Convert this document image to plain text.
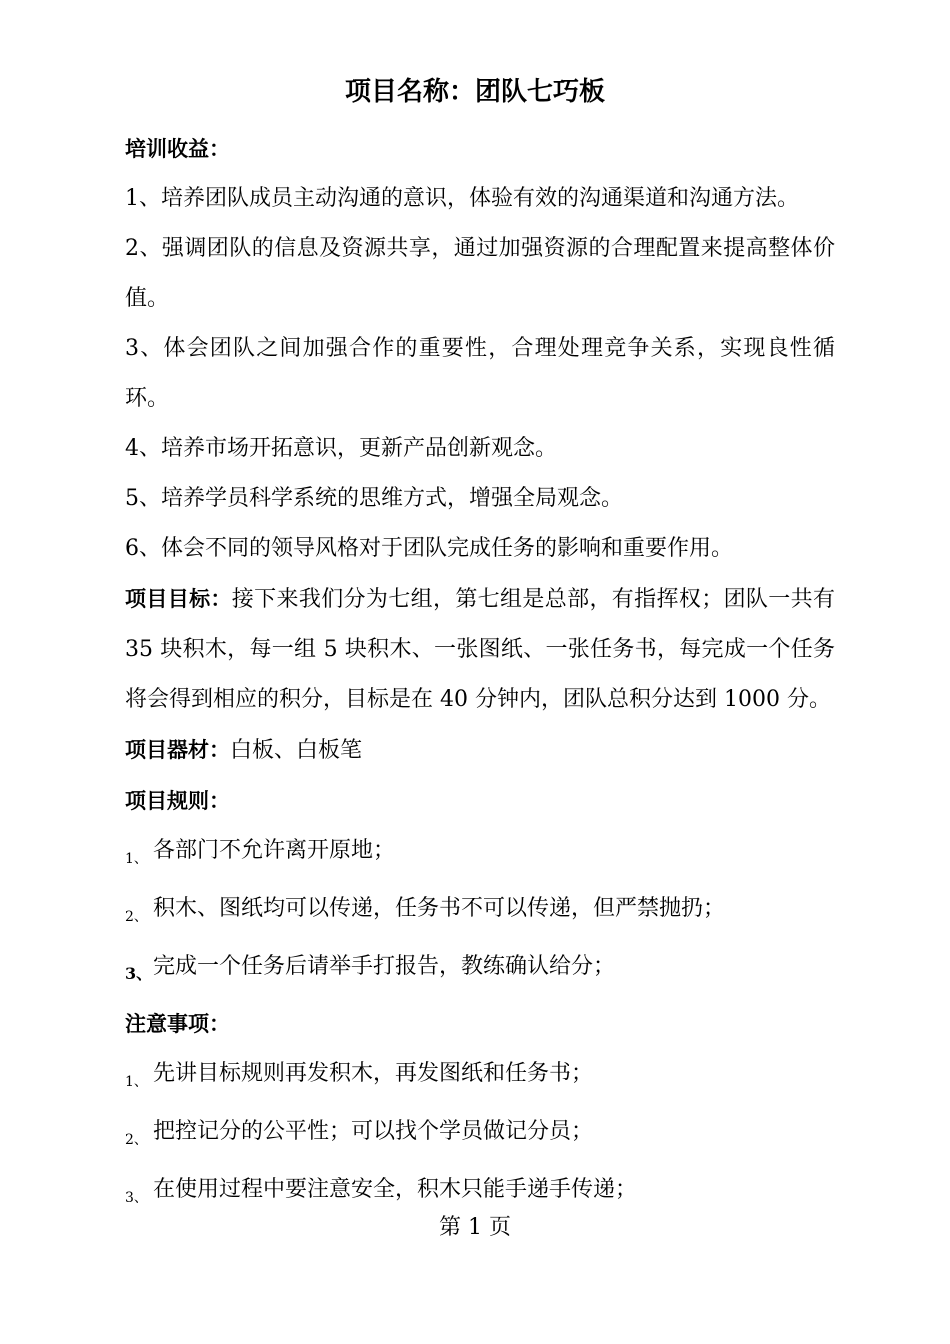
项目名称：团队七巧板
培训收益：
1、培养团队成员主动沟通的意识，体验有效的沟通渠道和沟通方法。
2、强调团队的信息及资源共享，通过加强资源的合理配置来提高整体价值。
3、体会团队之间加强合作的重要性，合理处理竞争关系，实现良性循环。
4、培养市场开拓意识，更新产品创新观念。
5、培养学员科学系统的思维方式，增强全局观念。
6、体会不同的领导风格对于团队完成任务的影响和重要作用。
项目目标：接下来我们分为七组，第七组是总部，有指挥权；团队一共有 35 块积木，每一组 5 块积木、一张图纸、一张任务书，每完成一个任务将会得到相应的积分，目标是在 40 分钟内，团队总积分达到 1000 分。
项目器材：白板、白板笔
项目规则：
1、 各部门不允许离开原地；
2、 积木、图纸均可以传递，任务书不可以传递，但严禁抛扔；
3、完成一个任务后请举手打报告，教练确认给分；
注意事项：
1、 先讲目标规则再发积木，再发图纸和任务书；
2、 把控记分的公平性；可以找个学员做记分员；
3、 在使用过程中要注意安全，积木只能手递手传递；
第 1 页
